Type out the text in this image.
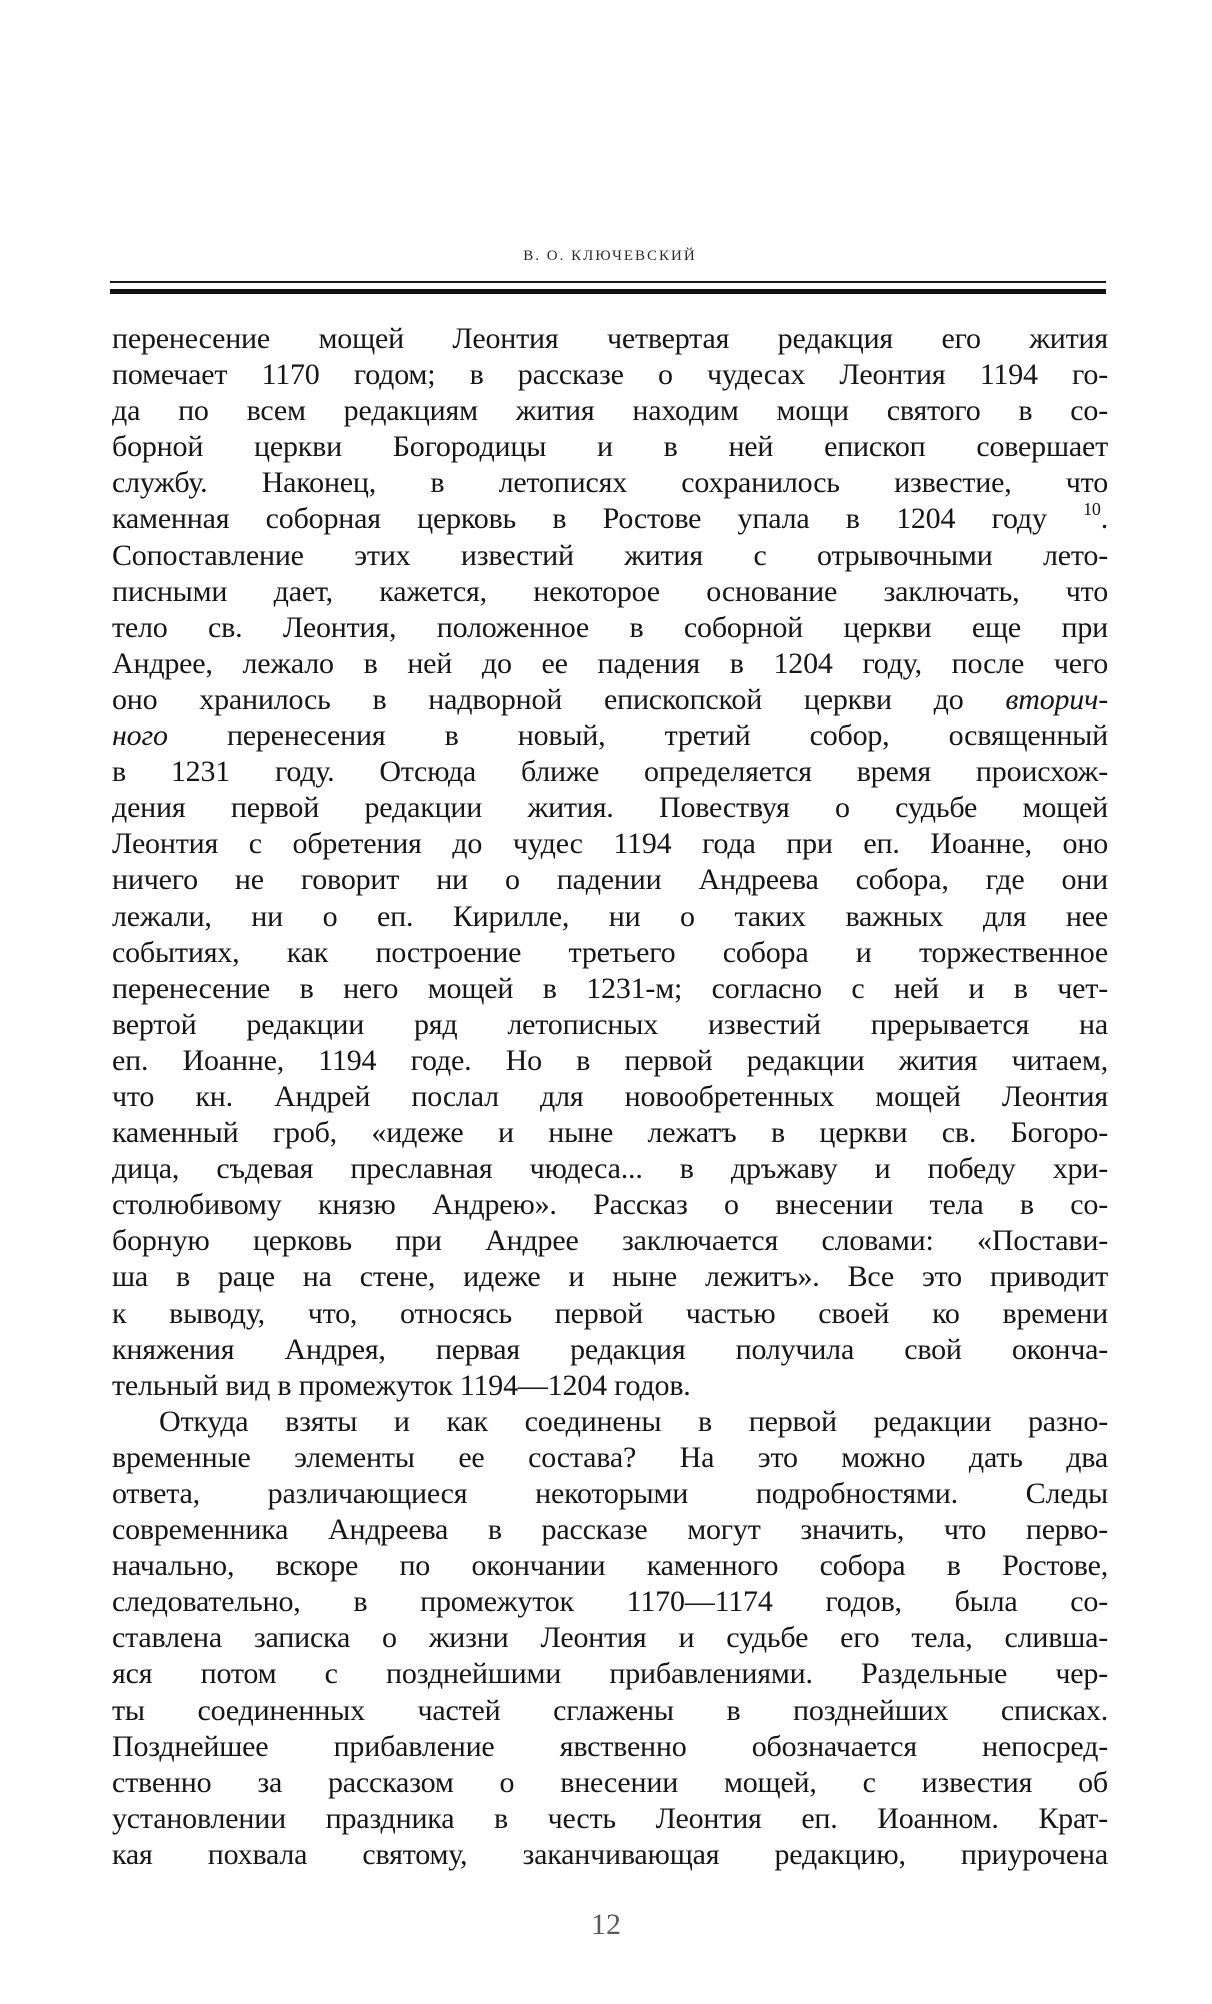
В. О. КЛЮЧЕВСКИЙ
перенесение мощей Леонтия четвертая редакция его жития
помечает 1170 годом; в рассказе о чудесах Леонтия 1194 го-
да по всем редакциям жития находим мощи святого в со-
борной церкви Богородицы и в ней епископ совершает
службу. Наконец, в летописях сохранилось известие, что
каменная соборная церковь в Ростове упала в 1204 году $^{10}$.
Сопоставление этих известий жития с отрывочными лето-
писными дает, кажется, некоторое основание заключать, что
тело св. Леонтия, положенное в соборной церкви еще при
Андрее, лежало в ней до ее падения в 1204 году, после чего
оно хранилось в надворной епископской церкви до вторич-
ного перенесения в новый, третий собор, освященный
в 1231 году. Отсюда ближе определяется время происхож-
дения первой редакции жития. Повествуя о судьбе мощей
Леонтия с обретения до чудес 1194 года при еп. Иоанне, оно
ничего не говорит ни о падении Андреева собора, где они
лежали, ни о еп. Кирилле, ни о таких важных для нее
событиях, как построение третьего собора и торжественное
перенесение в него мощей в 1231-м; согласно с ней и в чет-
вертой редакции ряд летописных известий прерывается на
еп. Иоанне, 1194 годе. Но в первой редакции жития читаем,
что кн. Андрей послал для новообретенных мощей Леонтия
каменный гроб, «идеже и ныне лежатъ в церкви св. Богоро-
дица, съдевая преславная чюдеса... в дръжаву и победу хри-
столюбивому князю Андрею». Рассказ о внесении тела в со-
борную церковь при Андрее заключается словами: «Постави-
ша в раце на стене, идеже и ныне лежитъ». Все это приводит
к выводу, что, относясь первой частью своей ко времени
княжения Андрея, первая редакция получила свой оконча-
тельный вид в промежуток 1194—1204 годов.
Откуда взяты и как соединены в первой редакции разно-
временные элементы ее состава? На это можно дать два
ответа, различающиеся некоторыми подробностями. Следы
современника Андреева в рассказе могут значить, что перво-
начально, вскоре по окончании каменного собора в Ростове,
следовательно, в промежуток 1170—1174 годов, была со-
ставлена записка о жизни Леонтия и судьбе его тела, слившa-
яся потом с позднейшими прибавлениями. Раздельные чер-
ты соединенных частей сглажены в позднейших списках.
Позднейшее прибавление явственно обозначается непосред-
ственно за рассказом о внесении мощей, с известия об
установлении праздника в честь Леонтия еп. Иоанном. Крат-
кая похвала святому, заканчивающая редакцию, приурочена
12
